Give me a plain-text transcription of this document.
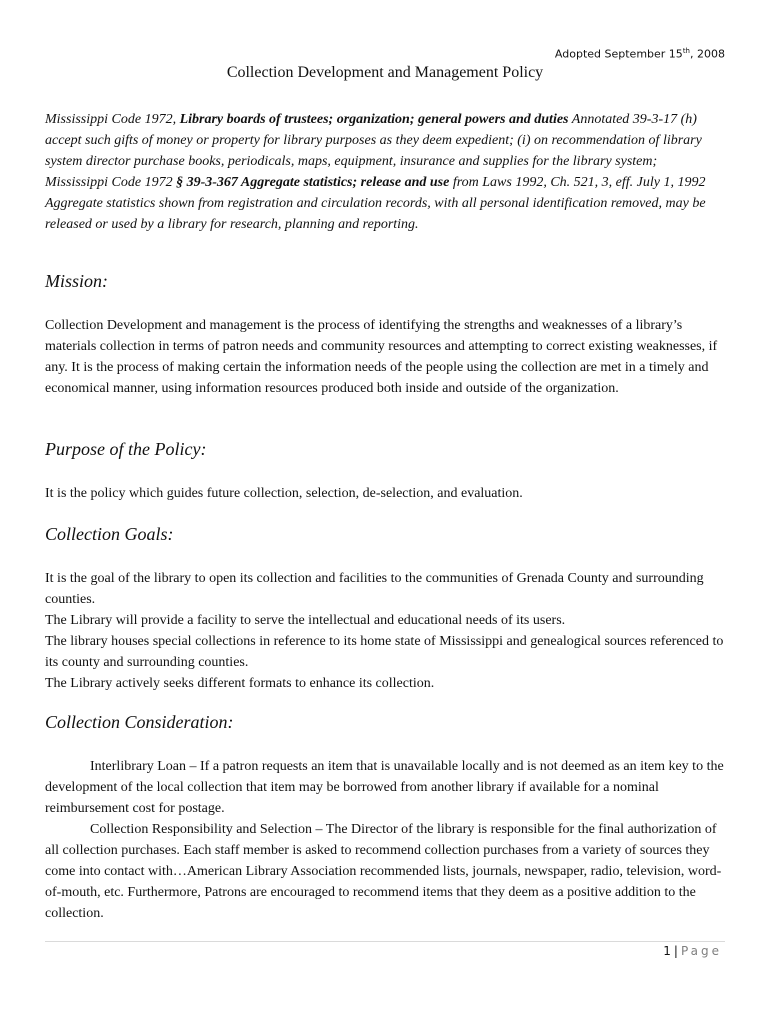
Adopted September 15th, 2008
Collection Development and Management Policy

Mississippi Code 1972, Library boards of trustees; organization; general powers and duties Annotated 39-3-17 (h) accept such gifts of money or property for library purposes as they deem expedient; (i) on recommendation of library system director purchase books, periodicals, maps, equipment, insurance and supplies for the library system;

Mississippi Code 1972 § 39-3-367 Aggregate statistics; release and use from Laws 1992, Ch. 521, 3, eff. July 1, 1992 Aggregate statistics shown from registration and circulation records, with all personal identification removed, may be released or used by a library for research, planning and reporting.

Mission:

Collection Development and management is the process of identifying the strengths and weaknesses of a library’s materials collection in terms of patron needs and community resources and attempting to correct existing weaknesses, if any. It is the process of making certain the information needs of the people using the collection are met in a timely and economical manner, using information resources produced both inside and outside of the organization.

Purpose of the Policy:

It is the policy which guides future collection, selection, de-selection, and evaluation.

Collection Goals:

It is the goal of the library to open its collection and facilities to the communities of Grenada County and surrounding counties.

The Library will provide a facility to serve the intellectual and educational needs of its users.

The library houses special collections in reference to its home state of Mississippi and genealogical sources referenced to its county and surrounding counties.

The Library actively seeks different formats to enhance its collection.

Collection Consideration:

Interlibrary Loan – If a patron requests an item that is unavailable locally and is not deemed as an item key to the development of the local collection that item may be borrowed from another library if available for a nominal reimbursement cost for postage.

Collection Responsibility and Selection – The Director of the library is responsible for the final authorization of all collection purchases. Each staff member is asked to recommend collection purchases from a variety of sources they come into contact with…American Library Association recommended lists, journals, newspaper, radio, television, word-of-mouth, etc. Furthermore, Patrons are encouraged to recommend items that they deem as a positive addition to the collection.

1 | Page
